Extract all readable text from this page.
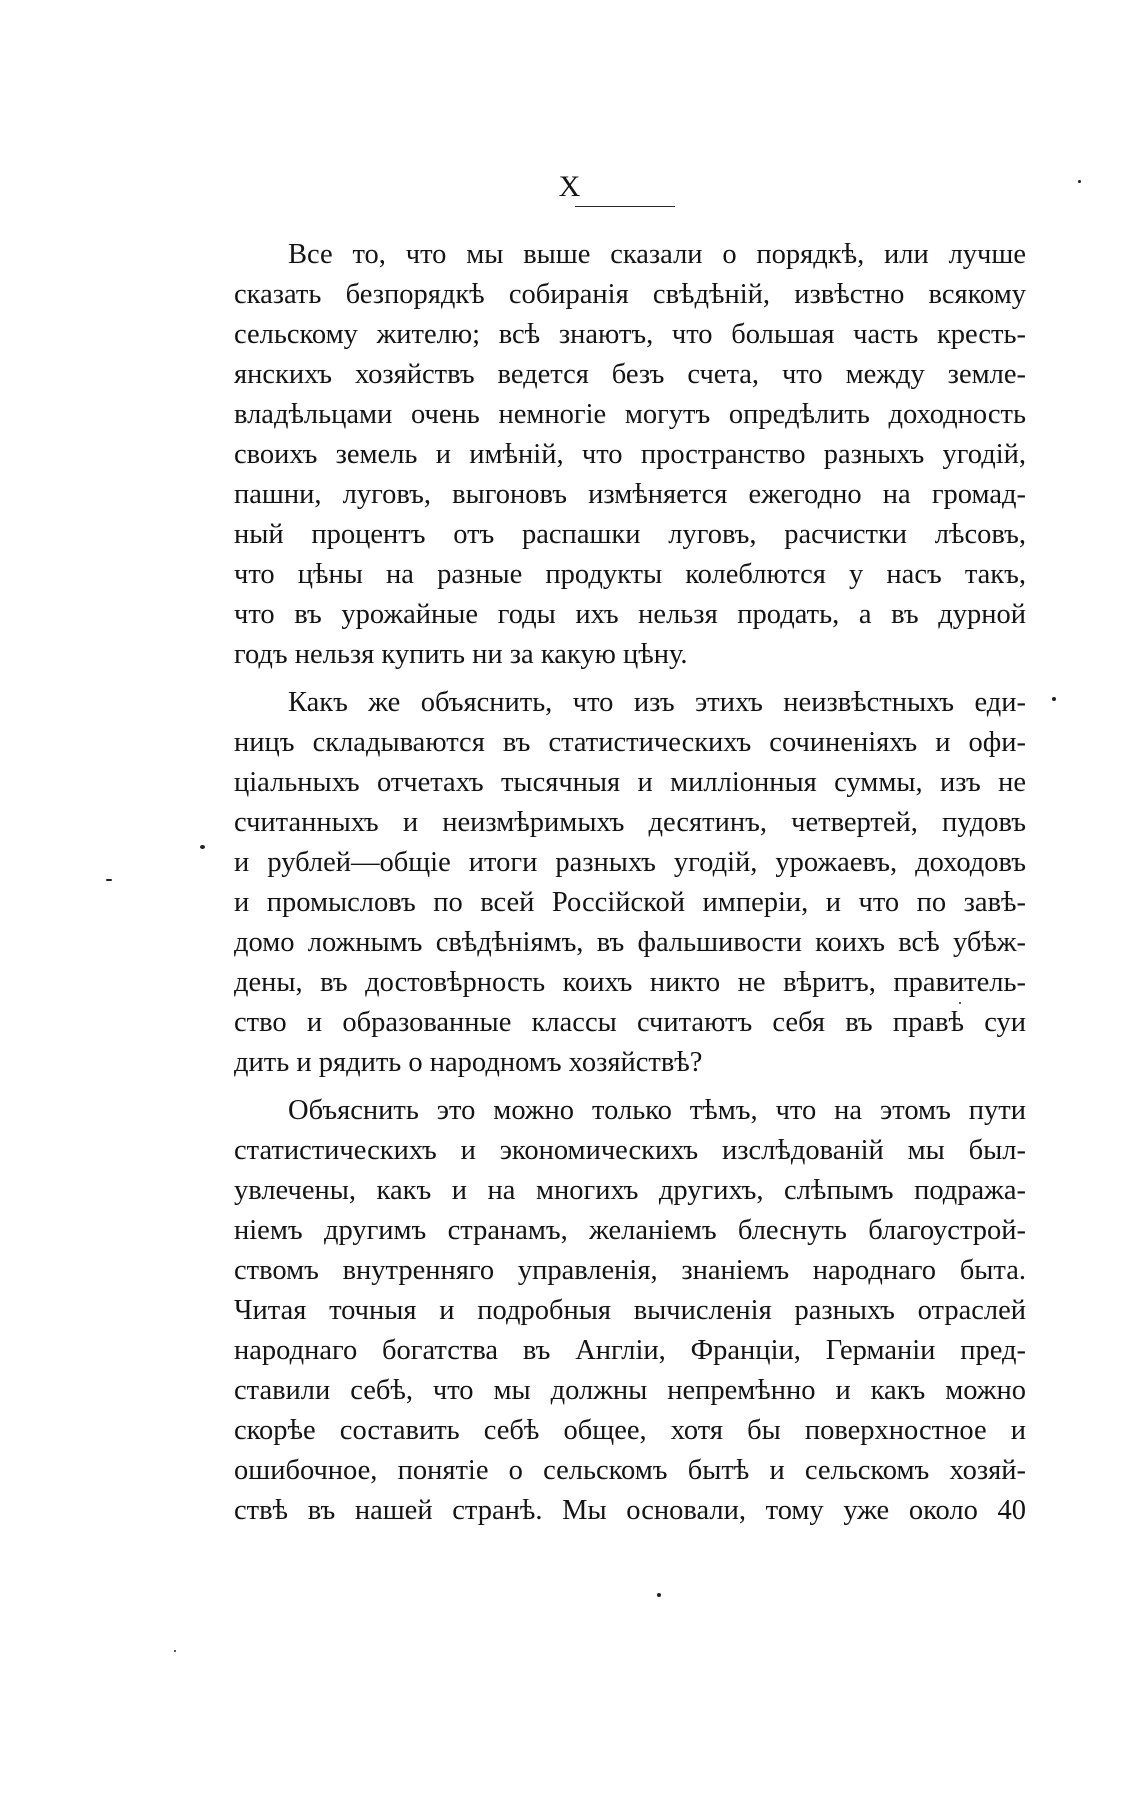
X
Все то, что мы выше сказали о порядкѣ, или лучше
сказать безпорядкѣ собиранія свѣдѣній, извѣстно всякому
сельскому жителю; всѣ знаютъ, что большая часть кресть-
янскихъ хозяйствъ ведется безъ счета, что между земле-
владѣльцами очень немногіе могутъ опредѣлить доходность
своихъ земель и имѣній, что пространство разныхъ угодій,
пашни, луговъ, выгоновъ измѣняется ежегодно на громад-
ный процентъ отъ распашки луговъ, расчистки лѣсовъ,
что цѣны на разные продукты колеблются у насъ такъ,
что въ урожайные годы ихъ нельзя продать, а въ дурной
годъ нельзя купить ни за какую цѣну.
Какъ же объяснить, что изъ этихъ неизвѣстныхъ еди-
ницъ складываются въ статистическихъ сочиненіяхъ и офи-
ціальныхъ отчетахъ тысячныя и милліонныя суммы, изъ не
считанныхъ и неизмѣримыхъ десятинъ, четвертей, пудовъ
и рублей—общіе итоги разныхъ угодій, урожаевъ, доходовъ
и промысловъ по всей Россійской имперіи, и что по завѣ-
домо ложнымъ свѣдѣніямъ, въ фальшивости коихъ всѣ убѣж-
дены, въ достовѣрность коихъ никто не вѣритъ, правитель-
ство и образованные классы считаютъ себя въ правѣ суи
дить и рядить о народномъ хозяйствѣ?
Объяснить это можно только тѣмъ, что на этомъ пути
статистическихъ и экономическихъ изслѣдованій мы был-
увлечены, какъ и на многихъ другихъ, слѣпымъ подража-
ніемъ другимъ странамъ, желаніемъ блеснуть благоустрой-
ствомъ внутренняго управленія, знаніемъ народнаго быта.
Читая точныя и подробныя вычисленія разныхъ отраслей
народнаго богатства въ Англіи, Франціи, Германіи пред-
ставили себѣ, что мы должны непремѣнно и какъ можно
скорѣе составить себѣ общее, хотя бы поверхностное и
ошибочное, понятіе о сельскомъ бытѣ и сельскомъ хозяй-
ствѣ въ нашей странѣ. Мы основали, тому уже около 40
